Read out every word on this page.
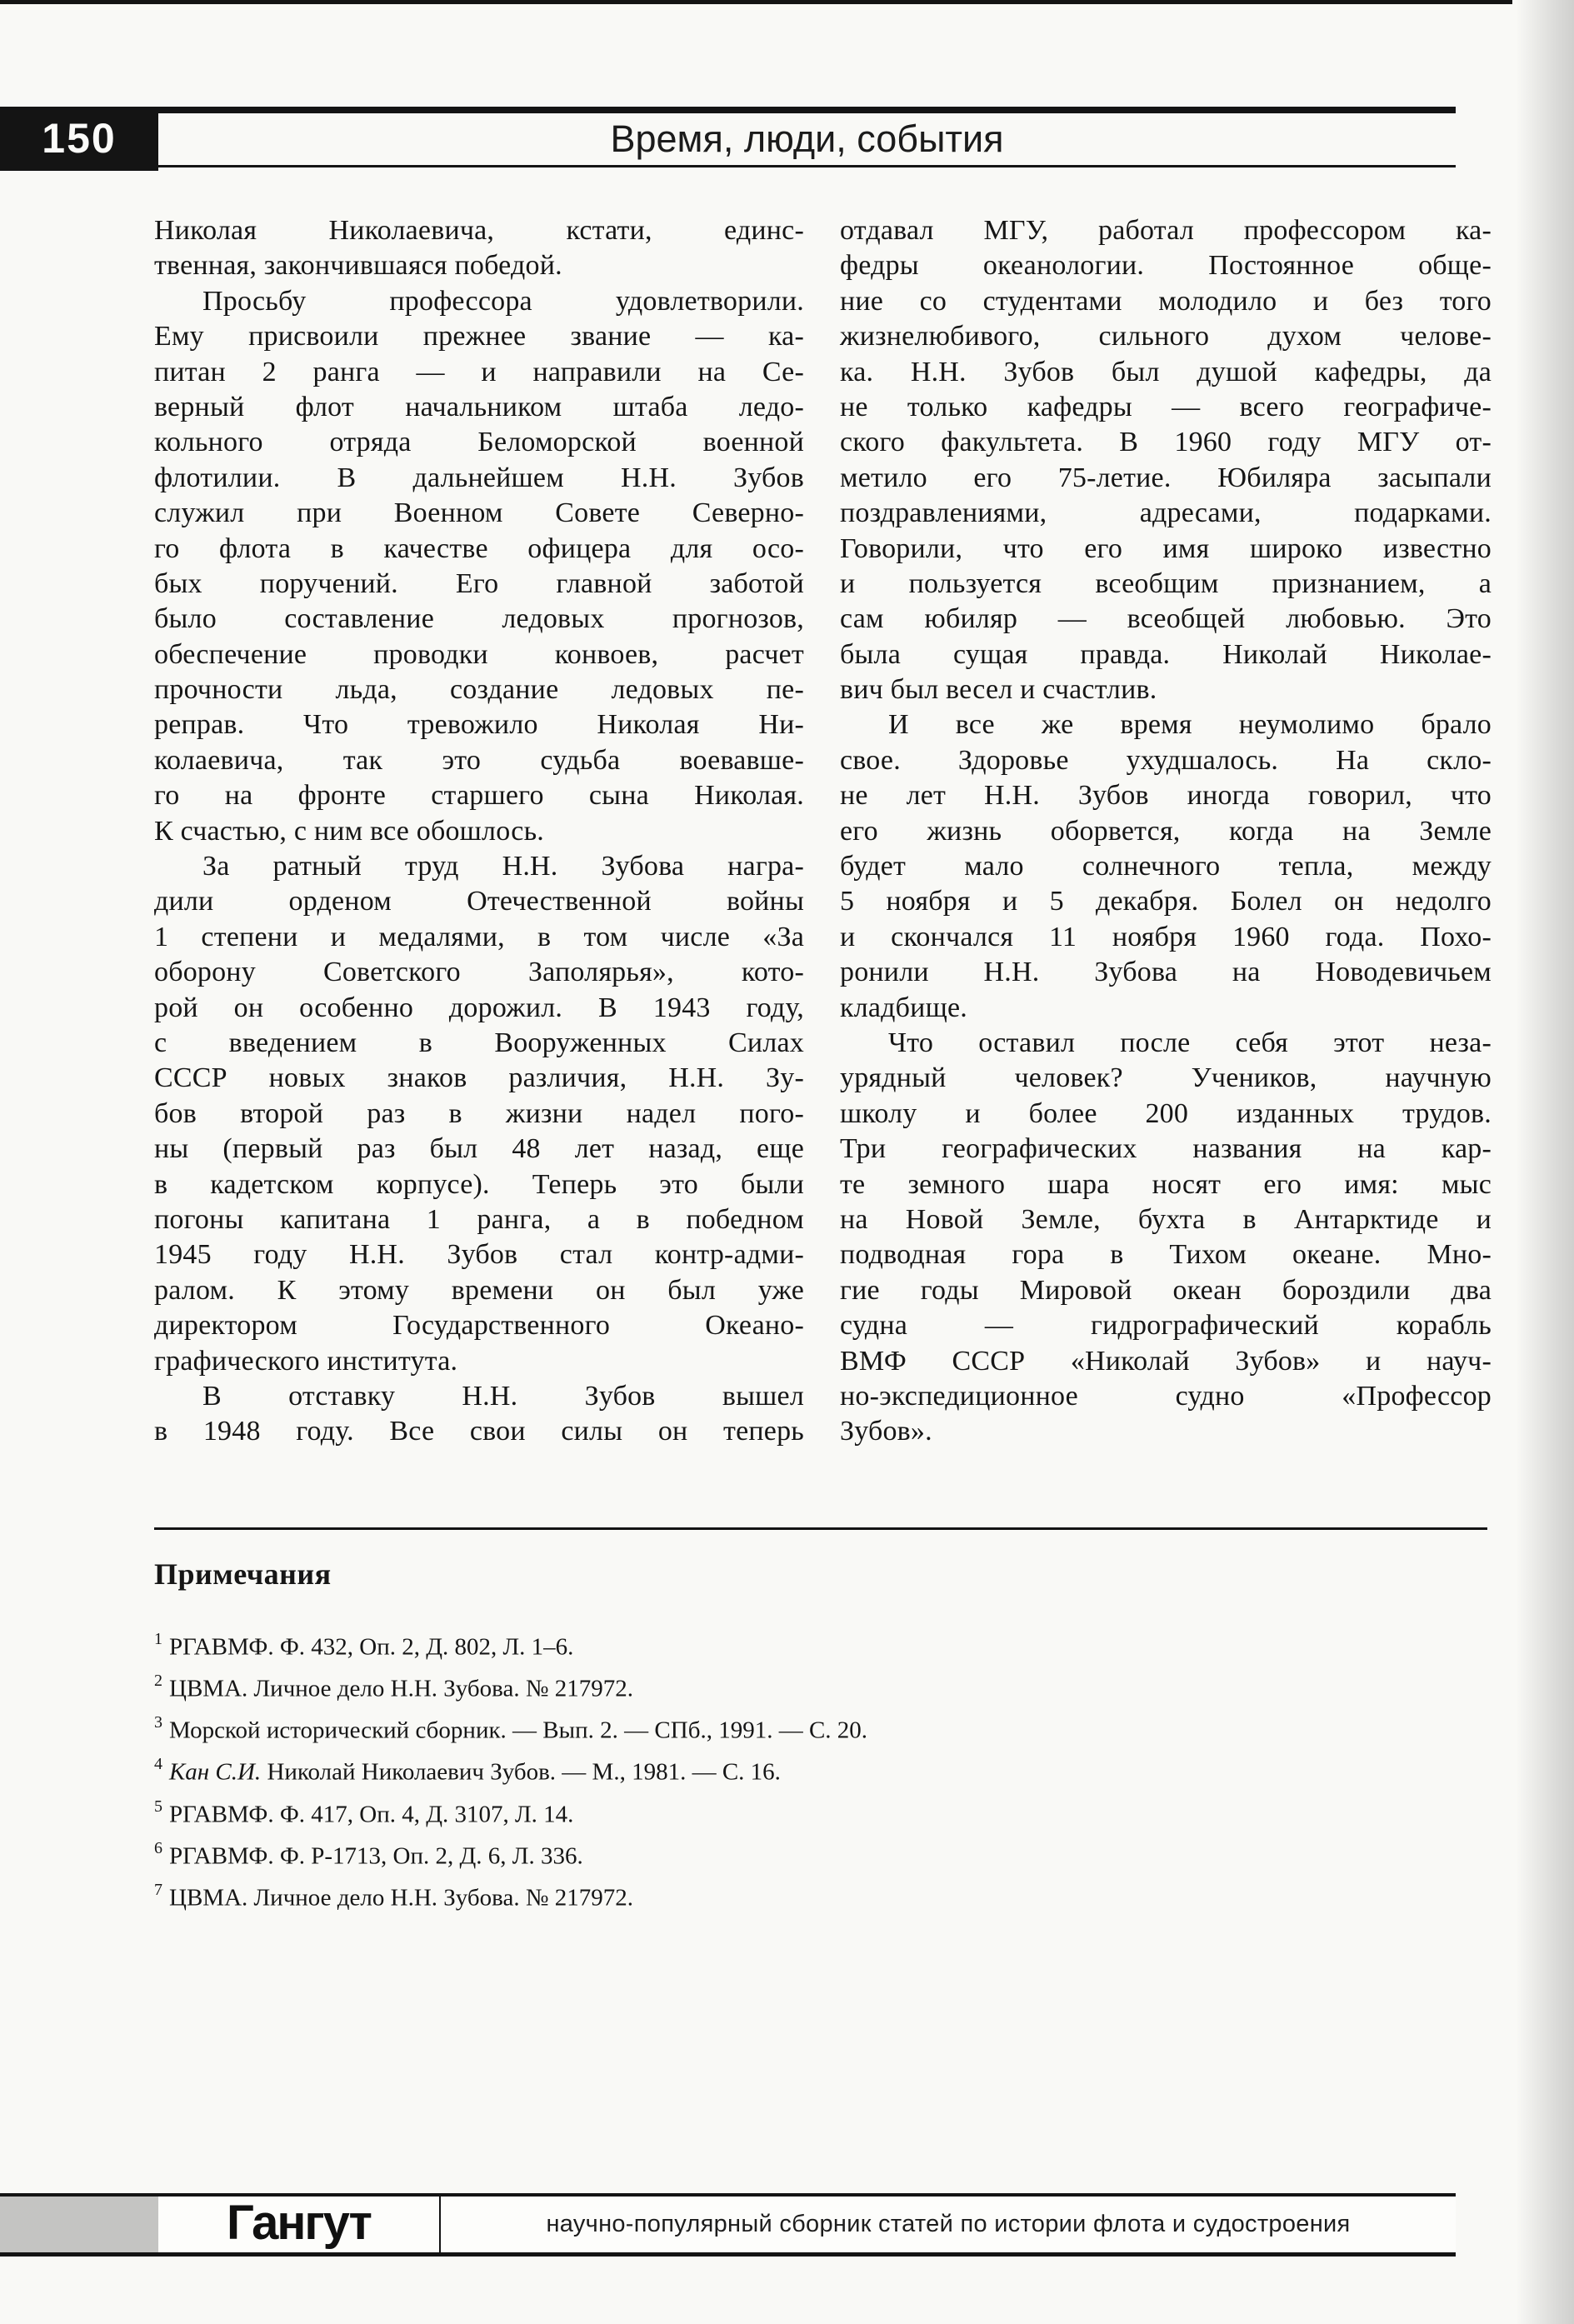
150	Время, люди, события
Николая Николаевича, кстати, единс-
твенная, закончившаяся победой.
Просьбу профессора удовлетворили.
Ему присвоили прежнее звание — ка-
питан 2 ранга — и направили на Се-
верный флот начальником штаба ледо-
кольного отряда Беломорской военной
флотилии. В дальнейшем Н.Н. Зубов
служил при Военном Совете Северно-
го флота в качестве офицера для осо-
бых поручений. Его главной заботой
было составление ледовых прогнозов,
обеспечение проводки конвоев, расчет
прочности льда, создание ледовых пе-
реправ. Что тревожило Николая Ни-
колаевича, так это судьба воевавше-
го на фронте старшего сына Николая.
К счастью, с ним все обошлось.
За ратный труд Н.Н. Зубова награ-
дили орденом Отечественной войны
1 степени и медалями, в том числе «За
оборону Советского Заполярья», кото-
рой он особенно дорожил. В 1943 году,
с введением в Вооруженных Силах
СССР новых знаков различия, Н.Н. Зу-
бов второй раз в жизни надел пого-
ны (первый раз был 48 лет назад, еще
в кадетском корпусе). Теперь это были
погоны капитана 1 ранга, а в победном
1945 году Н.Н. Зубов стал контр-адми-
ралом. К этому времени он был уже
директором Государственного Океано-
графического института.
В отставку Н.Н. Зубов вышел
в 1948 году. Все свои силы он теперь
отдавал МГУ, работал профессором ка-
федры океанологии. Постоянное обще-
ние со студентами молодило и без того
жизнелюбивого, сильного духом челове-
ка. Н.Н. Зубов был душой кафедры, да
не только кафедры — всего географиче-
ского факультета. В 1960 году МГУ от-
метило его 75-летие. Юбиляра засыпали
поздравлениями, адресами, подарками.
Говорили, что его имя широко известно
и пользуется всеобщим признанием, а
сам юбиляр — всеобщей любовью. Это
была сущая правда. Николай Николае-
вич был весел и счастлив.
И все же время неумолимо брало
свое. Здоровье ухудшалось. На скло-
не лет Н.Н. Зубов иногда говорил, что
его жизнь оборвется, когда на Земле
будет мало солнечного тепла, между
5 ноября и 5 декабря. Болел он недолго
и скончался 11 ноября 1960 года. Похо-
ронили Н.Н. Зубова на Новодевичьем
кладбище.
Что оставил после себя этот неза-
урядный человек? Учеников, научную
школу и более 200 изданных трудов.
Три географических названия на кар-
те земного шара носят его имя: мыс
на Новой Земле, бухта в Антарктиде и
подводная гора в Тихом океане. Мно-
гие годы Мировой океан бороздили два
судна — гидрографический корабль
ВМФ СССР «Николай Зубов» и науч-
но-экспедиционное судно «Профессор
Зубов».
Примечания
$^1$ РГАВМФ. Ф. 432, Оп. 2, Д. 802, Л. 1–6.
$^2$ ЦВМА. Личное дело Н.Н. Зубова. № 217972.
$^3$ Морской исторический сборник. — Вып. 2. — СПб., 1991. — С. 20.
$^4$ Кан С.И. Николай Николаевич Зубов. — М., 1981. — С. 16.
$^5$ РГАВМФ. Ф. 417, Оп. 4, Д. 3107, Л. 14.
$^6$ РГАВМФ. Ф. Р-1713, Оп. 2, Д. 6, Л. 336.
$^7$ ЦВМА. Личное дело Н.Н. Зубова. № 217972.
Гангут	научно-популярный сборник статей по истории флота и судостроения
